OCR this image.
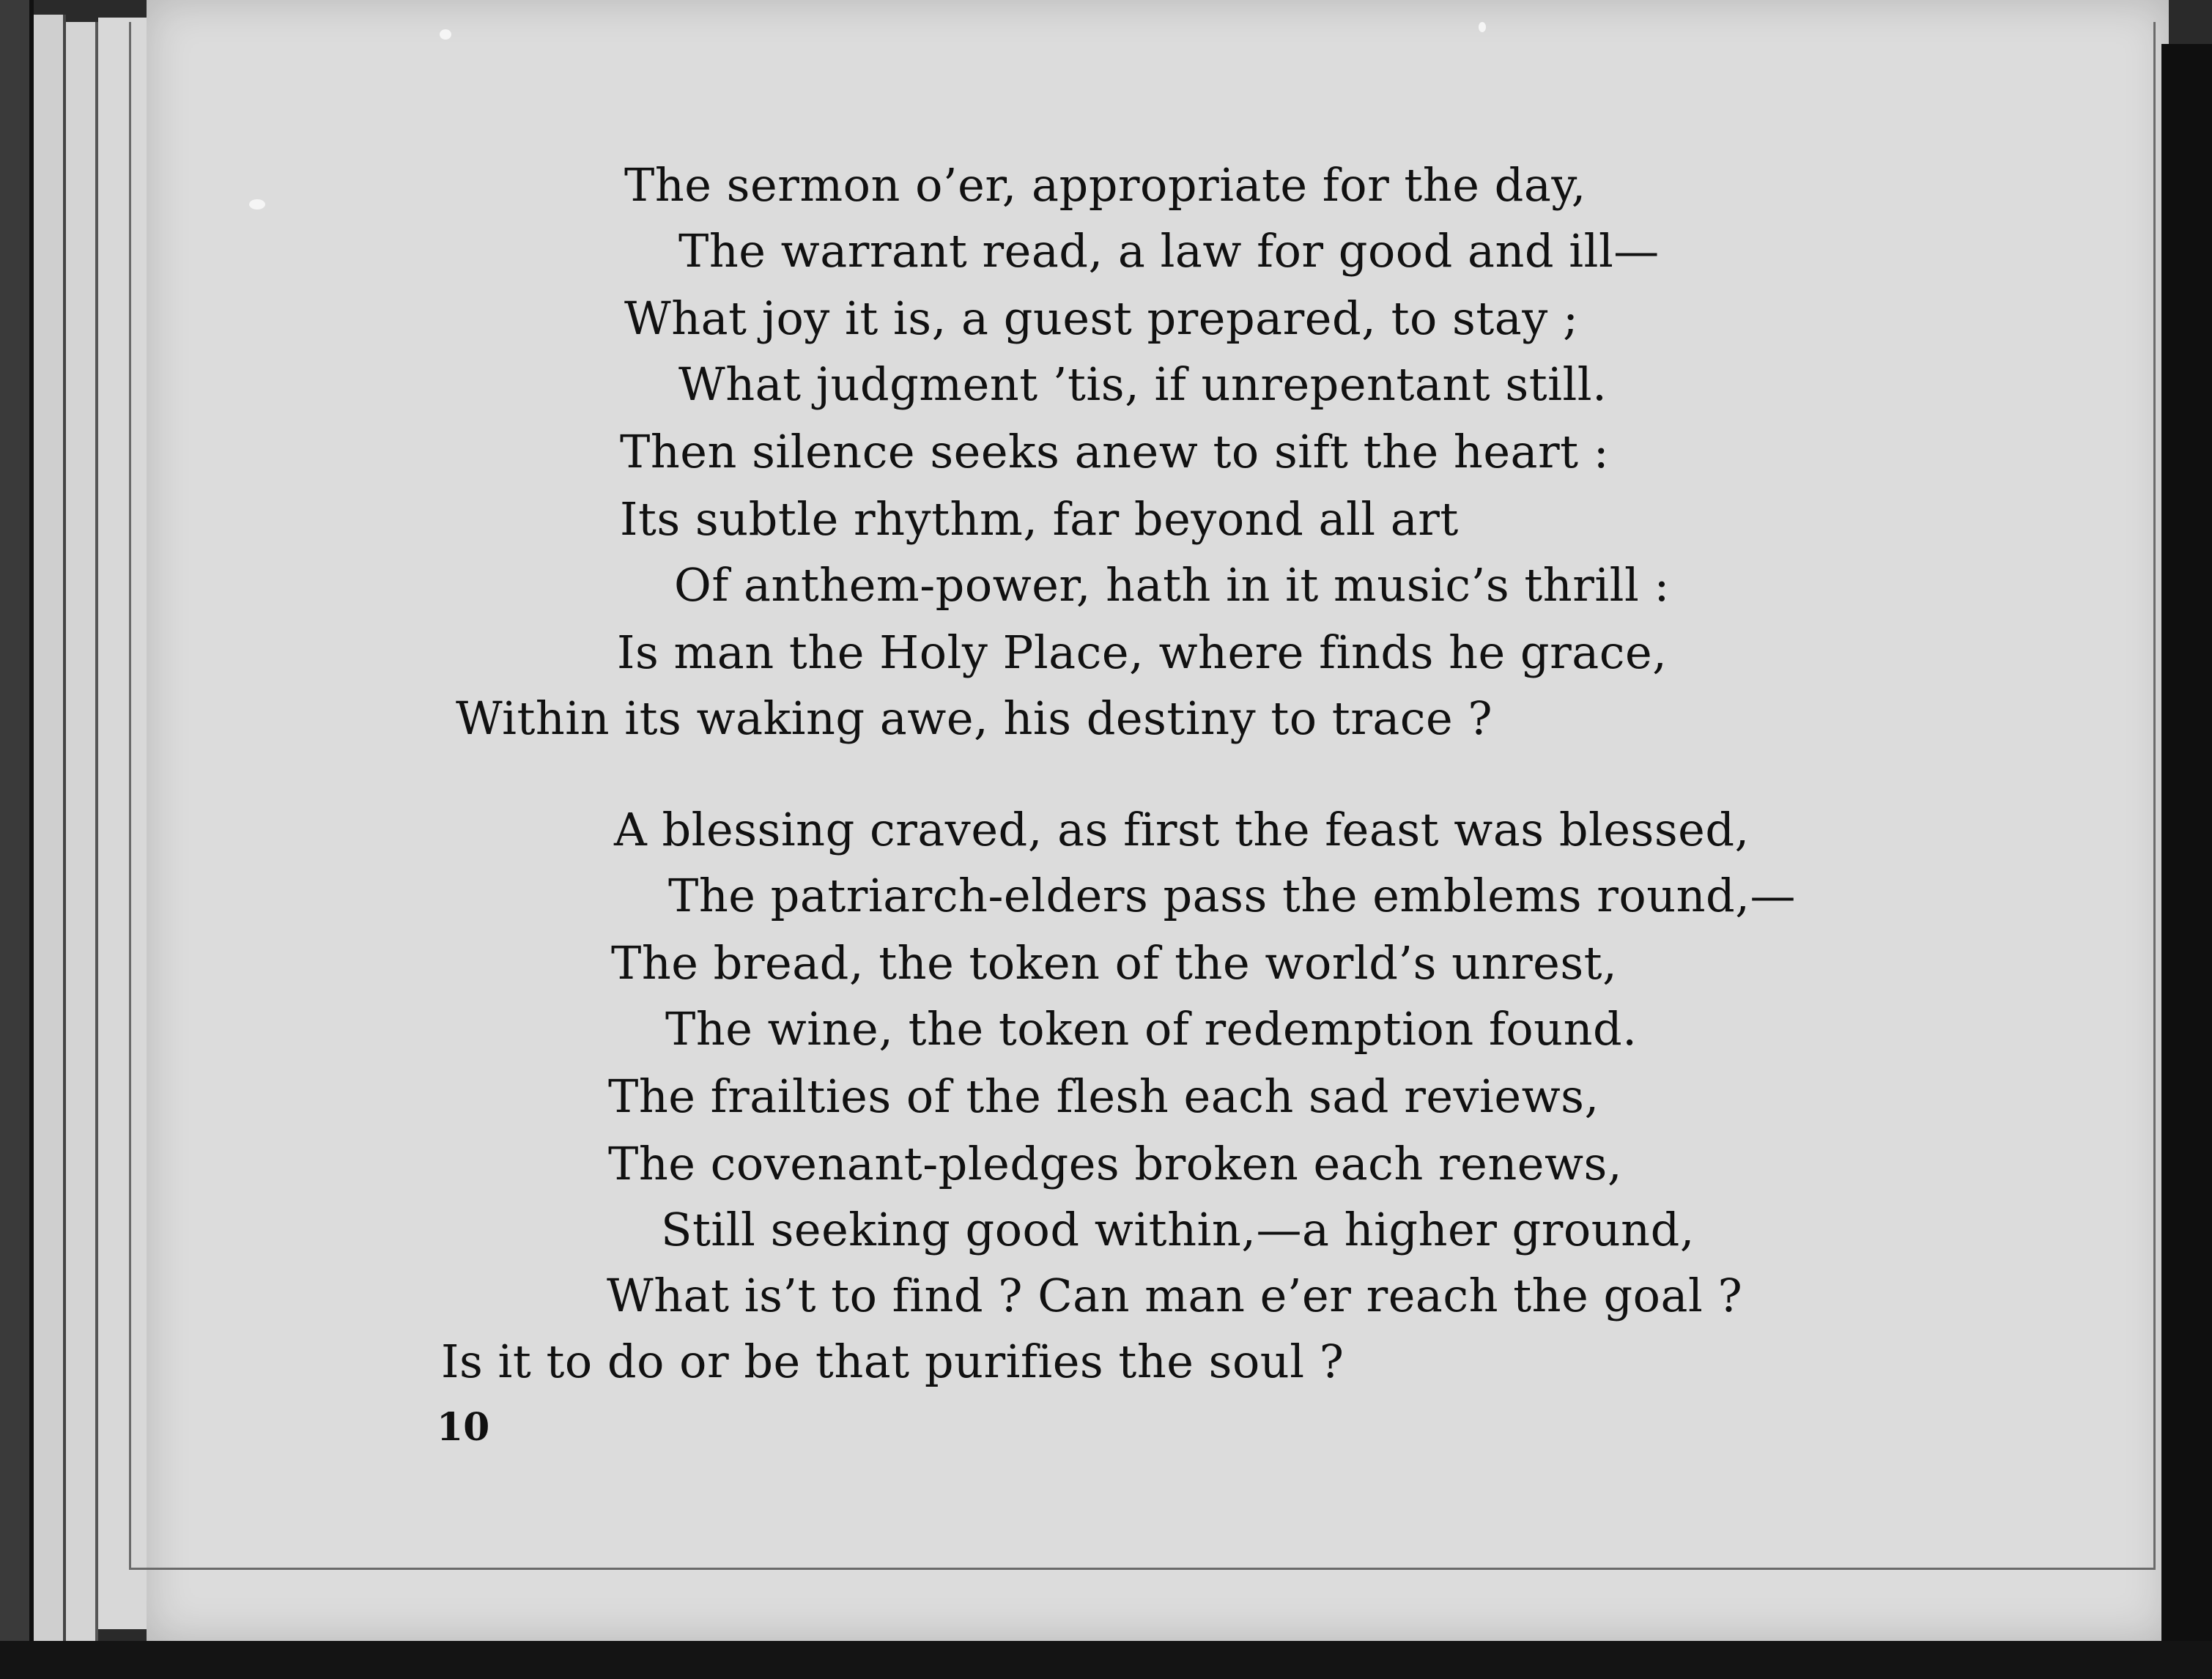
The sermon o’er, appropriate for the day,
The warrant read, a law for good and ill—
What joy it is, a guest prepared, to stay ;
What judgment ’tis, if unrepentant still.
Then silence seeks anew to sift the heart :
Its subtle rhythm, far beyond all art
Of anthem-power, hath in it music’s thrill :
Is man the Holy Place, where finds he grace,
Within its waking awe, his destiny to trace ?
A blessing craved, as first the feast was blessed,
The patriarch-elders pass the emblems round,—
The bread, the token of the world’s unrest,
The wine, the token of redemption found.
The frailties of the flesh each sad reviews,
The covenant-pledges broken each renews,
Still seeking good within,—a higher ground,
What is’t to find ? Can man e’er reach the goal ?
Is it to do or be that purifies the soul ?
10
